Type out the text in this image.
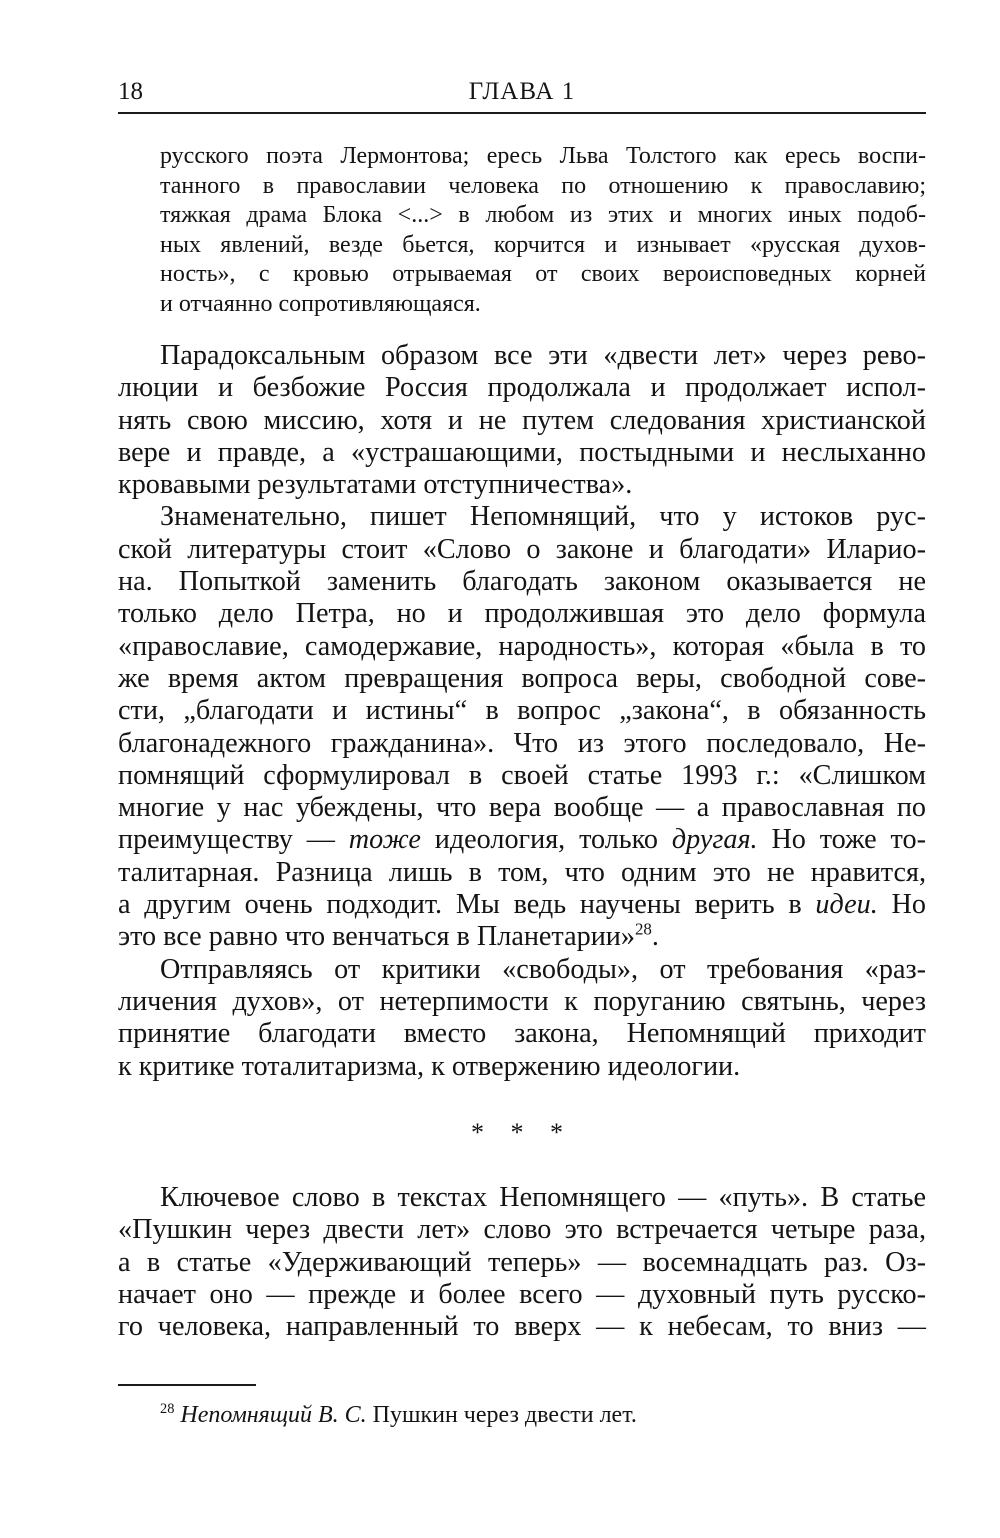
18	ГЛАВА 1
русского поэта Лермонтова; ересь Льва Толстого как ересь воспи-
танного в православии человека по отношению к православию;
тяжкая драма Блока <...> в любом из этих и многих иных подоб-
ных явлений, везде бьется, корчится и изнывает «русская духов-
ность», с кровью отрываемая от своих вероисповедных корней
и отчаянно сопротивляющаяся.
Парадоксальным образом все эти «двести лет» через рево-
люции и безбожие Россия продолжала и продолжает испол-
нять свою миссию, хотя и не путем следования христианской
вере и правде, а «устрашающими, постыдными и неслыханно
кровавыми результатами отступничества».
Знаменательно, пишет Непомнящий, что у истоков рус-
ской литературы стоит «Слово о законе и благодати» Иларио-
на. Попыткой заменить благодать законом оказывается не
только дело Петра, но и продолжившая это дело формула
«православие, самодержавие, народность», которая «была в то
же время актом превращения вопроса веры, свободной сове-
сти, „благодати и истины“ в вопрос „закона“, в обязанность
благонадежного гражданина». Что из этого последовало, Не-
помнящий сформулировал в своей статье 1993 г.: «Слишком
многие у нас убеждены, что вера вообще — а православная по
преимуществу — тоже идеология, только другая. Но тоже то-
талитарная. Разница лишь в том, что одним это не нравится,
а другим очень подходит. Мы ведь научены верить в идеи. Но
это все равно что венчаться в Планетарии»$^{28}$.
Отправляясь от критики «свободы», от требования «раз-
личения духов», от нетерпимости к поруганию святынь, через
принятие благодати вместо закона, Непомнящий приходит
к критике тоталитаризма, к отвержению идеологии.
* * *
Ключевое слово в текстах Непомнящего — «путь». В статье
«Пушкин через двести лет» слово это встречается четыре раза,
а в статье «Удерживающий теперь» — восемнадцать раз. Оз-
начает оно — прежде и более всего — духовный путь русско-
го человека, направленный то вверх — к небесам, то вниз —
$^{28}$ Непомнящий В. С. Пушкин через двести лет.
